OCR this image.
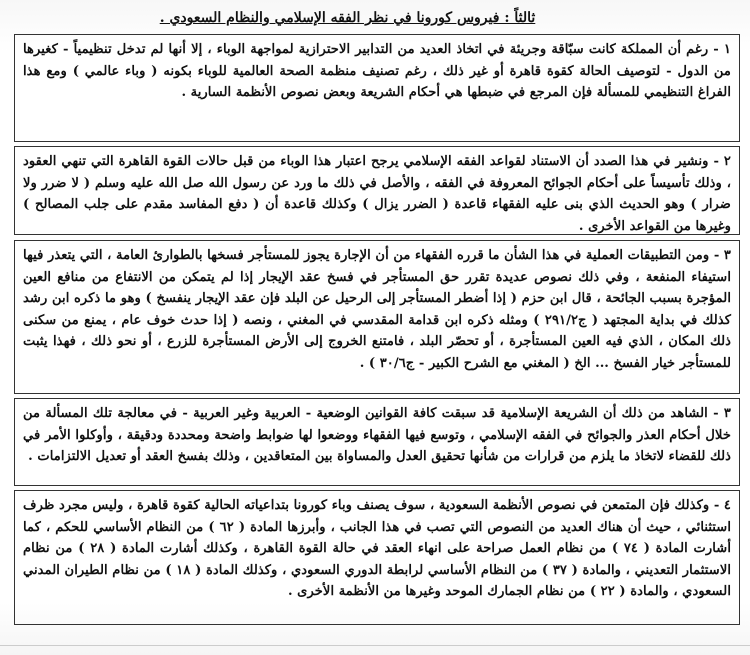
ثالثاً : فيروس كورونا في نظر الفقه الإسلامي والنظام السعودي .

١ - رغم أن المملكة كانت سبّاقة وجريئة في اتخاذ العديد من التدابير الاحترازية لمواجهة الوباء ، إلا أنها لم تدخل تنظيمياً - كغيرها من الدول - لتوصيف الحالة كقوة قاهرة أو غير ذلك ، رغم تصنيف منظمة الصحة العالمية للوباء بكونه ( وباء عالمي ) ومع هذا الفراغ التنظيمي للمسألة فإن المرجع في ضبطها هي أحكام الشريعة وبعض نصوص الأنظمة السارية .

٢ - ونشير في هذا الصدد أن الاستناد لقواعد الفقه الإسلامي يرجح اعتبار هذا الوباء من قبل حالات القوة القاهرة التي تنهي العقود ، وذلك تأسيساً على أحكام الجوائح المعروفة في الفقه ، والأصل في ذلك ما ورد عن رسول الله صل الله عليه وسلم ( لا ضرر ولا ضرار ) وهو الحديث الذي بنى عليه الفقهاء قاعدة ( الضرر يزال ) وكذلك قاعدة أن ( دفع المفاسد مقدم على جلب المصالح ) وغيرها من القواعد الأخرى .

٣ - ومن التطبيقات العملية في هذا الشأن ما قرره الفقهاء من أن الإجارة يجوز للمستأجر فسخها بالطوارئ العامة ، التي يتعذر فيها استيفاء المنفعة ، وفي ذلك نصوص عديدة تقرر حق المستأجر في فسخ عقد الإيجار إذا لم يتمكن من الانتفاع من منافع العين المؤجرة بسبب الجائحة ، قال ابن حزم ( إذا أضطر المستأجر إلى الرحيل عن البلد فإن عقد الإيجار ينفسخ ) وهو ما ذكره ابن رشد كذلك في بداية المجتهد ( ج٢٩١/٢ ) ومثله ذكره ابن قدامة المقدسي في المغني ، ونصه ( إذا حدث خوف عام ، يمنع من سكنى ذلك المكان ، الذي فيه العين المستأجرة ، أو تحصّر البلد ، فامتنع الخروج إلى الأرض المستأجرة للزرع ، أو نحو ذلك ، فهذا يثبت للمستأجر خيار الفسخ ... الخ ( المغني مع الشرح الكبير - ج٣٠/٦ ) .

٣ - الشاهد من ذلك أن الشريعة الإسلامية قد سبقت كافة القوانين الوضعية - العربية وغير العربية - في معالجة تلك المسألة من خلال أحكام العذر والجوائح في الفقه الإسلامي ، وتوسع فيها الفقهاء ووضعوا لها ضوابط واضحة ومحددة ودقيقة ، وأوكلوا الأمر في ذلك للقضاء لاتخاذ ما يلزم من قرارات من شأنها تحقيق العدل والمساواة بين المتعاقدين ، وذلك بفسخ العقد أو تعديل الالتزامات .

٤ - وكذلك فإن المتمعن في نصوص الأنظمة السعودية ، سوف يصنف وباء كورونا بتداعياته الحالية كقوة قاهرة ، وليس مجرد ظرف استثنائي ، حيث أن هناك العديد من النصوص التي تصب في هذا الجانب ، وأبرزها المادة ( ٦٢ ) من النظام الأساسي للحكم ، كما أشارت المادة ( ٧٤ ) من نظام العمل صراحة على انهاء العقد في حالة القوة القاهرة ، وكذلك أشارت المادة ( ٢٨ ) من نظام الاستثمار التعديني ، والمادة ( ٣٧ ) من النظام الأساسي لرابطة الدوري السعودي ، وكذلك المادة ( ١٨ ) من نظام الطيران المدني السعودي ، والمادة ( ٢٢ ) من نظام الجمارك الموحد وغيرها من الأنظمة الأخرى .
